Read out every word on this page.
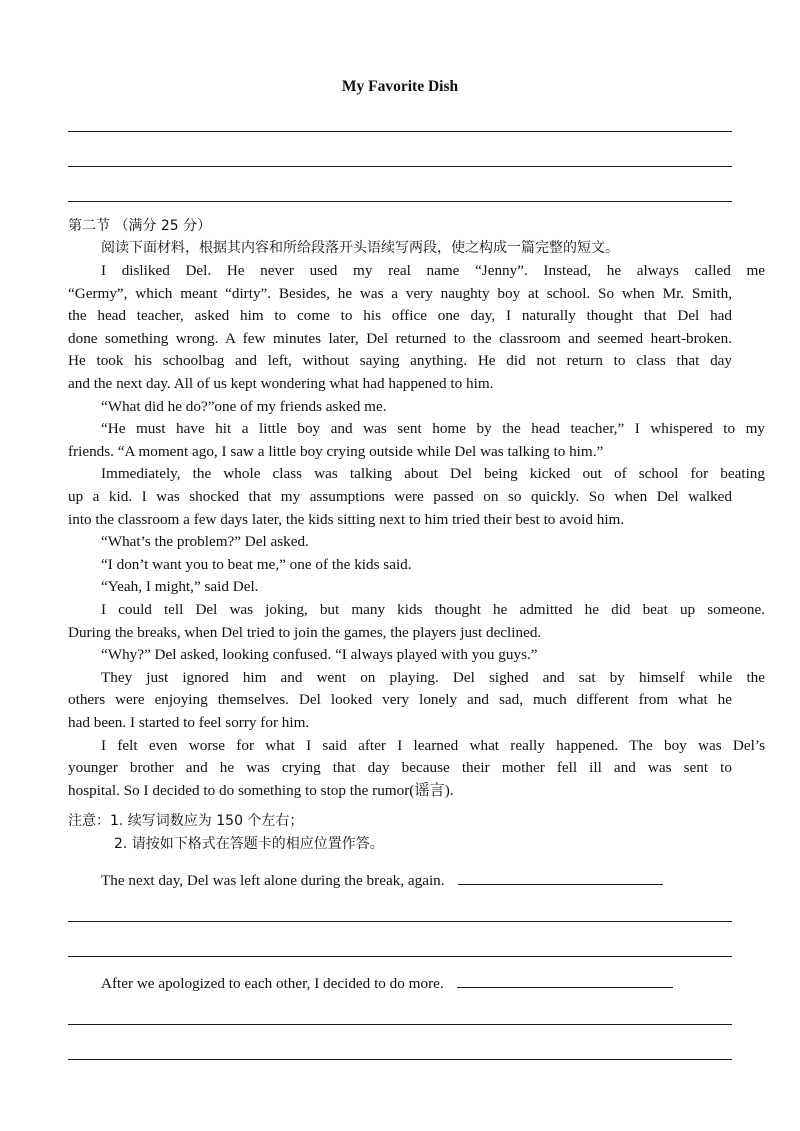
My Favorite Dish
第二节 （满分 25 分）
阅读下面材料，根据其内容和所给段落开头语续写两段，使之构成一篇完整的短文。
I disliked Del. He never used my real name “Jenny”. Instead, he always called me
“Germy”, which meant “dirty”. Besides, he was a very naughty boy at school. So when Mr. Smith,
the head teacher, asked him to come to his office one day, I naturally thought that Del had
done something wrong. A few minutes later, Del returned to the classroom and seemed heart-broken.
He took his schoolbag and left, without saying anything. He did not return to class that day
and the next day. All of us kept wondering what had happened to him.
“What did he do?”one of my friends asked me.
“He must have hit a little boy and was sent home by the head teacher,” I whispered to my
friends. “A moment ago, I saw a little boy crying outside while Del was talking to him.”
Immediately, the whole class was talking about Del being kicked out of school for beating
up a kid. I was shocked that my assumptions were passed on so quickly. So when Del walked
into the classroom a few days later, the kids sitting next to him tried their best to avoid him.
“What’s the problem?” Del asked.
“I don’t want you to beat me,” one of the kids said.
“Yeah, I might,” said Del.
I could tell Del was joking, but many kids thought he admitted he did beat up someone.
During the breaks, when Del tried to join the games, the players just declined.
“Why?” Del asked, looking confused. “I always played with you guys.”
They just ignored him and went on playing. Del sighed and sat by himself while the
others were enjoying themselves. Del looked very lonely and sad, much different from what he
had been. I started to feel sorry for him.
I felt even worse for what I said after I learned what really happened. The boy was Del’s
younger brother and he was crying that day because their mother fell ill and was sent to
hospital. So I decided to do something to stop the rumor(谣言).
注意：1. 续写词数应为 150 个左右；
2. 请按如下格式在答题卡的相应位置作答。
The next day, Del was left alone during the break, again.
After we apologized to each other, I decided to do more.
